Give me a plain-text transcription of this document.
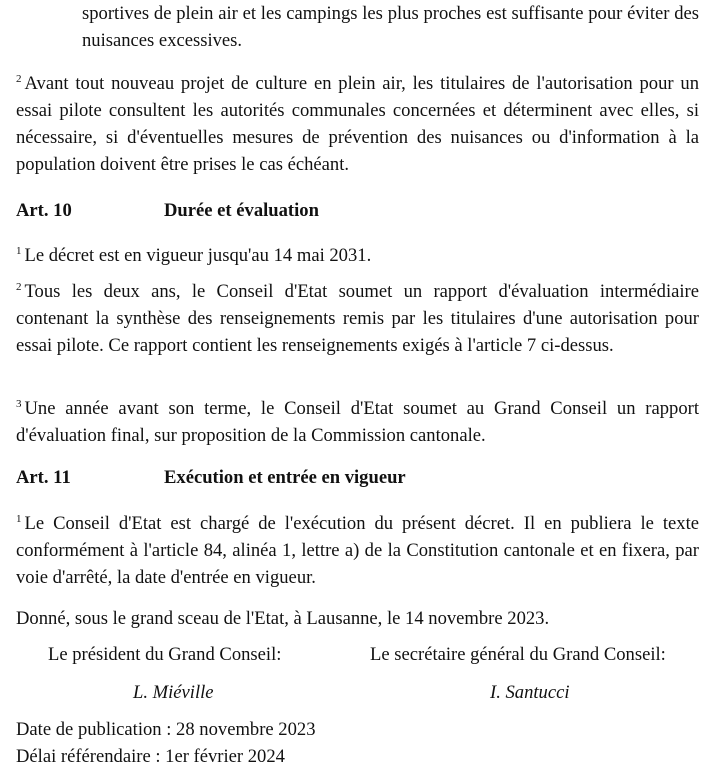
sportives de plein air et les campings les plus proches est suffisante pour éviter des nuisances excessives.
$^2$ Avant tout nouveau projet de culture en plein air, les titulaires de l'autorisation pour un essai pilote consultent les autorités communales concernées et déterminent avec elles, si nécessaire, si d'éventuelles mesures de prévention des nuisances ou d'information à la population doivent être prises le cas échéant.
Art. 10	Durée et évaluation
$^1$ Le décret est en vigueur jusqu'au 14 mai 2031.
$^2$ Tous les deux ans, le Conseil d'Etat soumet un rapport d'évaluation intermédiaire contenant la synthèse des renseignements remis par les titulaires d'une autorisation pour essai pilote. Ce rapport contient les renseignements exigés à l'article 7 ci-dessus.
$^3$ Une année avant son terme, le Conseil d'Etat soumet au Grand Conseil un rapport d'évaluation final, sur proposition de la Commission cantonale.
Art. 11	Exécution et entrée en vigueur
$^1$ Le Conseil d'Etat est chargé de l'exécution du présent décret. Il en publiera le texte conformément à l'article 84, alinéa 1, lettre a) de la Constitution cantonale et en fixera, par voie d'arrêté, la date d'entrée en vigueur.
Donné, sous le grand sceau de l'Etat, à Lausanne, le 14 novembre 2023.
Le président du Grand Conseil:	Le secrétaire général du Grand Conseil:
L. Miéville	I. Santucci
Date de publication : 28 novembre 2023
Délai référendaire : 1er février 2024
